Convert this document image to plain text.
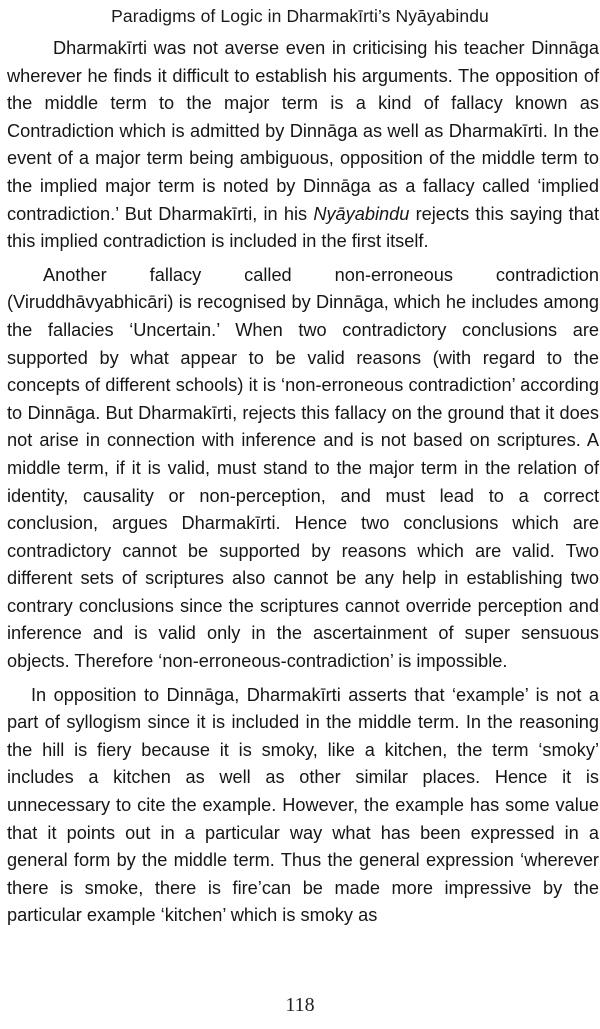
Paradigms of Logic in Dharmakīrti’s Nyāyabindu

Dharmakīrti was not averse even in criticising his teacher Dinnāga wherever he finds it difficult to establish his arguments. The opposition of the middle term to the major term is a kind of fallacy known as Contradiction which is admitted by Dinnāga as well as Dharmakīrti. In the event of a major term being ambiguous, opposition of the middle term to the implied major term is noted by Dinnāga as a fallacy called ‘implied contradiction.’ But Dharmakīrti, in his Nyāyabindu rejects this saying that this implied contradiction is included in the first itself.

Another fallacy called non-erroneous contradiction (Viruddhāvyabhicāri) is recognised by Dinnāga, which he includes among the fallacies ‘Uncertain.’ When two contradictory conclusions are supported by what appear to be valid reasons (with regard to the concepts of different schools) it is ‘non-erroneous contradiction’ according to Dinnāga. But Dharmakīrti, rejects this fallacy on the ground that it does not arise in connection with inference and is not based on scriptures. A middle term, if it is valid, must stand to the major term in the relation of identity, causality or non-perception, and must lead to a correct conclusion, argues Dharmakīrti. Hence two conclusions which are contradictory cannot be supported by reasons which are valid. Two different sets of scriptures also cannot be any help in establishing two contrary conclusions since the scriptures cannot override perception and inference and is valid only in the ascertainment of super sensuous objects. Therefore ‘non-erroneous-contradiction’ is impossible.

In opposition to Dinnāga, Dharmakīrti asserts that ‘example’ is not a part of syllogism since it is included in the middle term. In the reasoning the hill is fiery because it is smoky, like a kitchen, the term ‘smoky’ includes a kitchen as well as other similar places. Hence it is unnecessary to cite the example. However, the example has some value that it points out in a particular way what has been expressed in a general form by the middle term. Thus the general expression ‘wherever there is smoke, there is fire’can be made more impressive by the particular example ‘kitchen’ which is smoky as

118
